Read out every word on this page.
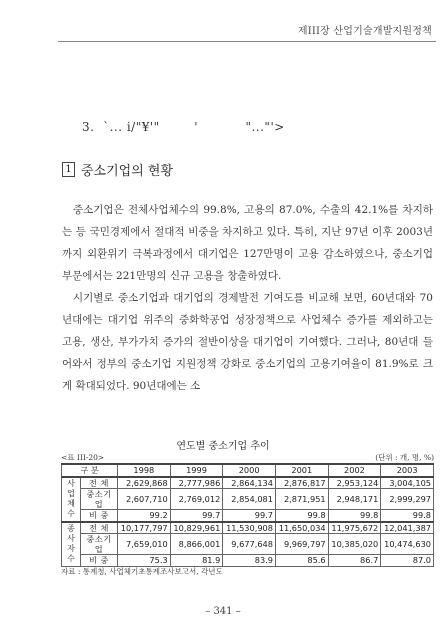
제III장 산업기술개발지원정책
3.  `... i/"¥'"        '           "..."'>
1 중소기업의 현황

중소기업은 전체사업체수의 99.8%, 고용의 87.0%, 수출의 42.1%를 차지하는 등 국민경제에서 절대적 비중을 차지하고 있다. 특히, 지난 97년 이후 2003년까지 외환위기 극복과정에서 대기업은 127만명이 고용 감소하였으나, 중소기업 부문에서는 221만명의 신규 고용을 창출하였다.

시기별로 중소기업과 대기업의 경제발전 기여도를 비교해 보면, 60년대와 70년대에는 대기업 위주의 중화학공업 성장정책으로 사업체수 증가를 제외하고는 고용, 생산, 부가가치 증가의 절반이상을 대기업이 기여했다. 그러나, 80년대 들어와서 정부의 중소기업 지원정책 강화로 중소기업의 고용기여율이 81.9%로 크게 확대되었다. 90년대에는 소

연도별 중소기업 추이
<표 III-20>	(단위 : 개, 명, %)
구 분		1998	1999	2000	2001	2002	2003
사업체수	전 체	2,629,868	2,777,986	2,864,134	2,876,817	2,953,124	3,004,105
	중소기업	2,607,710	2,769,012	2,854,081	2,871,951	2,948,171	2,999,297
	비 중	99.2	99.7	99.7	99.8	99.8	99.8
종사자수	전 체	10,177,797	10,829,961	11,530,908	11,650,034	11,975,672	12,041,387
	중소기업	7,659,010	8,866,001	9,677,648	9,969,797	10,385,020	10,474,630
	비 중	75.3	81.9	83.9	85.6	86.7	87.0
자료 : 통계청, 사업체기초통계조사보고서, 각년도
– 341 –
